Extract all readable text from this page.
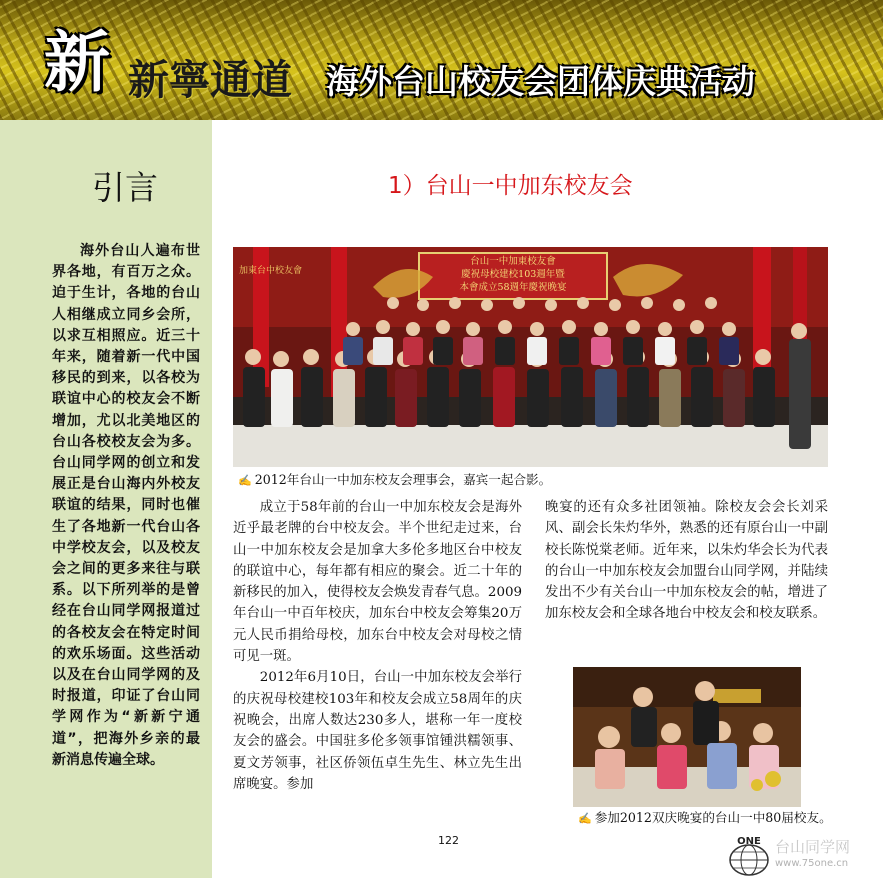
新 新寧通道 海外台山校友会团体庆典活动
引言

海外台山人遍布世界各地，有百万之众。迫于生计，各地的台山人相继成立同乡会所，以求互相照应。近三十年来，随着新一代中国移民的到来，以各校为联谊中心的校友会不断增加，尤以北美地区的台山各校校友会为多。台山同学网的创立和发展正是台山海内外校友联谊的结果，同时也催生了各地新一代台山各中学校友会，以及校友会之间的更多来往与联系。以下所列举的是曾经在台山同学网报道过的各校友会在特定时间的欢乐场面。这些活动以及在台山同学网的及时报道，印证了台山同学网作为“新新宁通道”，把海外乡亲的最新消息传遍全球。

1）台山一中加东校友会
加東台中校友會
台山一中加東校友會
慶祝母校建校103週年暨
本會成立58週年慶祝晚宴
✍ 2012年台山一中加东校友会理事会，嘉宾一起合影。

成立于58年前的台山一中加东校友会是海外近乎最老牌的台中校友会。半个世纪走过来，台山一中加东校友会是加拿大多伦多地区台中校友的联谊中心，每年都有相应的聚会。近二十年的新移民的加入，使得校友会焕发青春气息。2009年台山一中百年校庆，加东台中校友会筹集20万元人民币捐给母校，加东台中校友会对母校之情可见一斑。

2012年6月10日，台山一中加东校友会举行的庆祝母校建校103年和校友会成立58周年的庆祝晚会，出席人数达230多人，堪称一年一度校友会的盛会。中国驻多伦多领事馆锺洪糯领事、夏文芳领事，社区侨领伍卓生先生、林立先生出席晚宴。参加

晚宴的还有众多社团领袖。除校友会会长刘采风、副会长朱灼华外，熟悉的还有原台山一中副校长陈悦棠老师。近年来，以朱灼华会长为代表的台山一中加东校友会加盟台山同学网，并陆续发出不少有关台山一中加东校友会的帖，增进了加东校友会和全球各地台中校友会和校友联系。

✍ 参加2012双庆晚宴的台山一中80届校友。
122	ONE 台山同学网
www.75one.cn
